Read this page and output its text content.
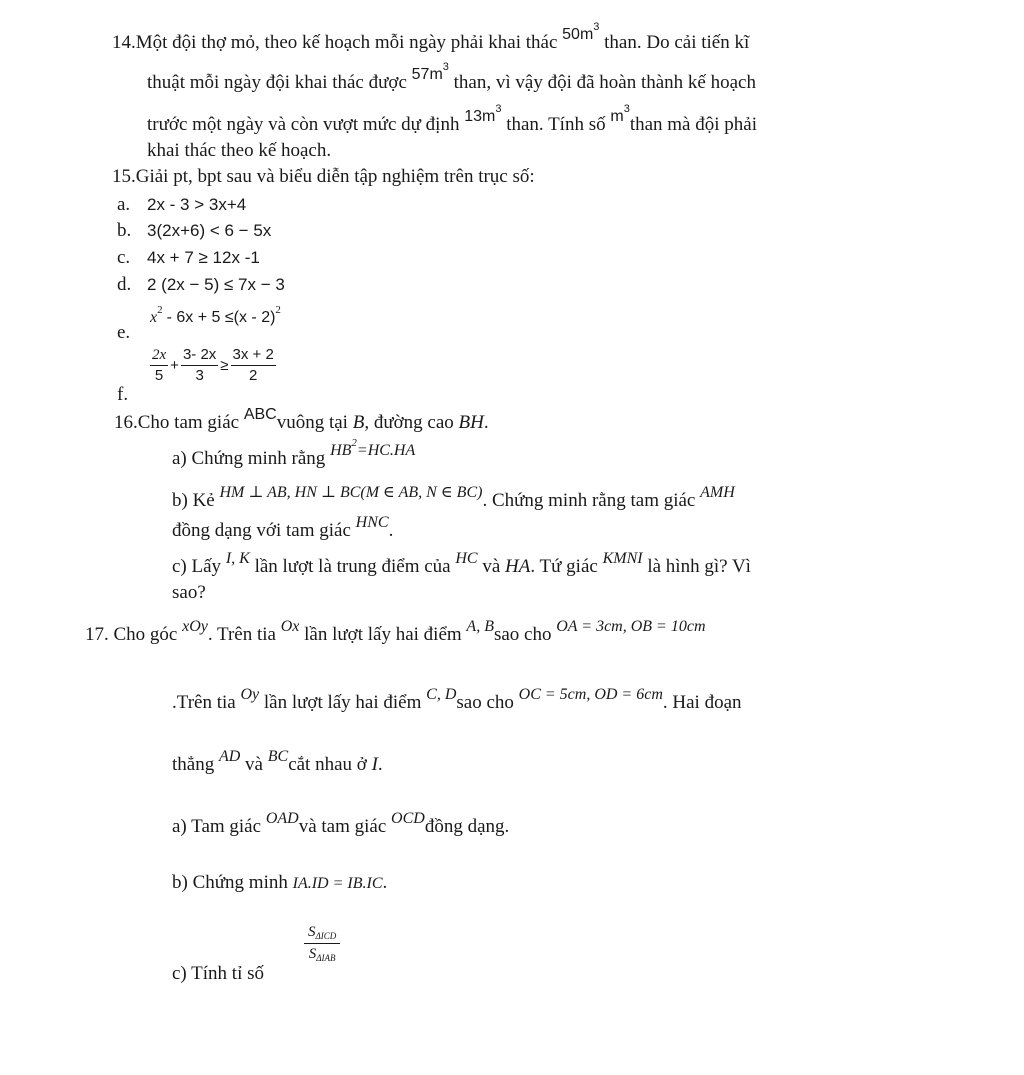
14.Một đội thợ mỏ, theo kế hoạch mỗi ngày phải khai thác $^{50m^3}$ than. Do cải tiến kĩ
thuật mỗi ngày đội khai thác được $^{57m^3}$ than, vì vậy đội đã hoàn thành kế hoạch
trước một ngày và còn vượt mức dự định $^{13m^3}$ than. Tính số $^{m^3}$than mà đội phải
khai thác theo kế hoạch.
15.Giải pt, bpt sau và biểu diễn tập nghiệm trên trục số:
a. 2x - 3 > 3x+4
b. 3(2x+6) < 6 − 5x
c. 4x + 7 ≥ 12x -1
d. 2 (2x − 5) ≤ 7x − 3
e.
$x^2 - 6x + 5 \le(x - 2)^2$
f.
$\frac{2x}{5} + \frac{3- 2x}{3} \ge \frac{3x + 2}{2}$
16.Cho tam giác $^{ABC}$vuông tại B, đường cao BH.
a) Chứng minh rằng $^{HB^2=HC.HA}$
b) Kẻ $^{HM \perp AB, HN \perp BC(M \in AB, N \in BC)}$. Chứng minh rằng tam giác $^{AMH}$
đồng dạng với tam giác $^{HNC}$.
c) Lấy $^{I, K}$ lần lượt là trung điểm của $^{HC}$ và HA. Tứ giác $^{KMNI}$ là hình gì? Vì
sao?
17. Cho góc $^{xOy}$. Trên tia $^{Ox}$ lần lượt lấy hai điểm $^{A, B}$sao cho $^{OA = 3cm, OB = 10cm}$
.Trên tia $^{Oy}$ lần lượt lấy hai điểm $^{C, D}$sao cho $^{OC = 5cm, OD = 6cm}$. Hai đoạn
thẳng $^{AD}$ và $^{BC}$cắt nhau ở I.
a) Tam giác $^{OAD}$và tam giác $^{OCD}$đồng dạng.
b) Chứng minh IA.ID = IB.IC.
c) Tính tỉ số
$\frac{S_{\Delta ICD}}{S_{\Delta IAB}}$
